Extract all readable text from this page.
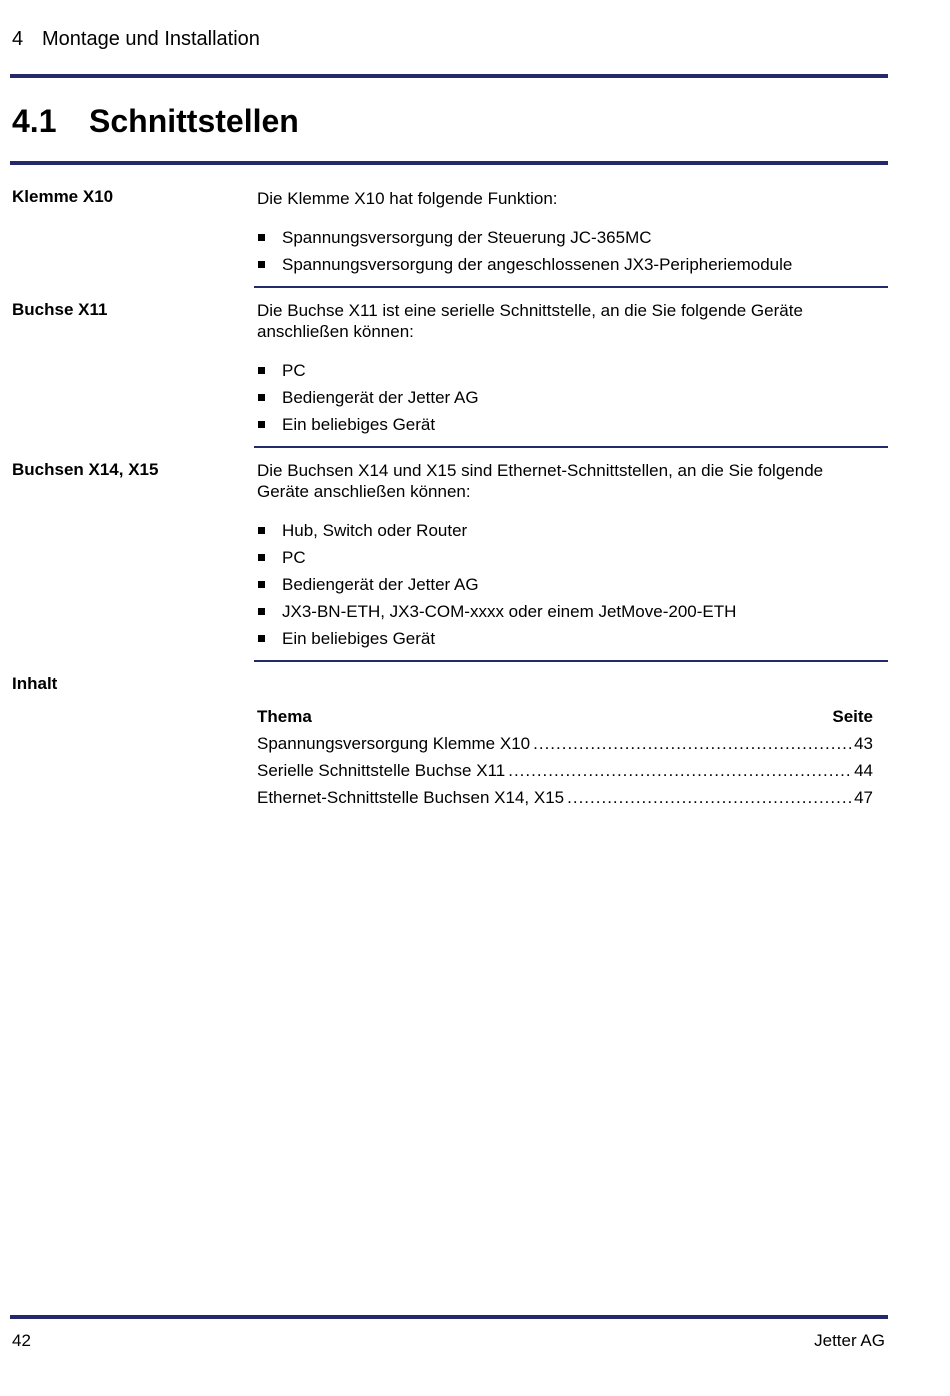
4 Montage und Installation
4.1 Schnittstellen
Klemme X10	Die Klemme X10 hat folgende Funktion:
Spannungsversorgung der Steuerung JC-365MC
Spannungsversorgung der angeschlossenen JX3-Peripheriemodule
Buchse X11	Die Buchse X11 ist eine serielle Schnittstelle, an die Sie folgende Geräte anschließen können:
PC
Bediengerät der Jetter AG
Ein beliebiges Gerät
Buchsen X14, X15	Die Buchsen X14 und X15 sind Ethernet-Schnittstellen, an die Sie folgende Geräte anschließen können:
Hub, Switch oder Router
PC
Bediengerät der Jetter AG
JX3-BN-ETH, JX3-COM-xxxx oder einem JetMove-200-ETH
Ein beliebiges Gerät
Inhalt
Thema	Seite
Spannungsversorgung Klemme X10 .....	43
Serielle Schnittstelle Buchse X11 .....	44
Ethernet-Schnittstelle Buchsen X14, X15 .....	47
42	Jetter AG
